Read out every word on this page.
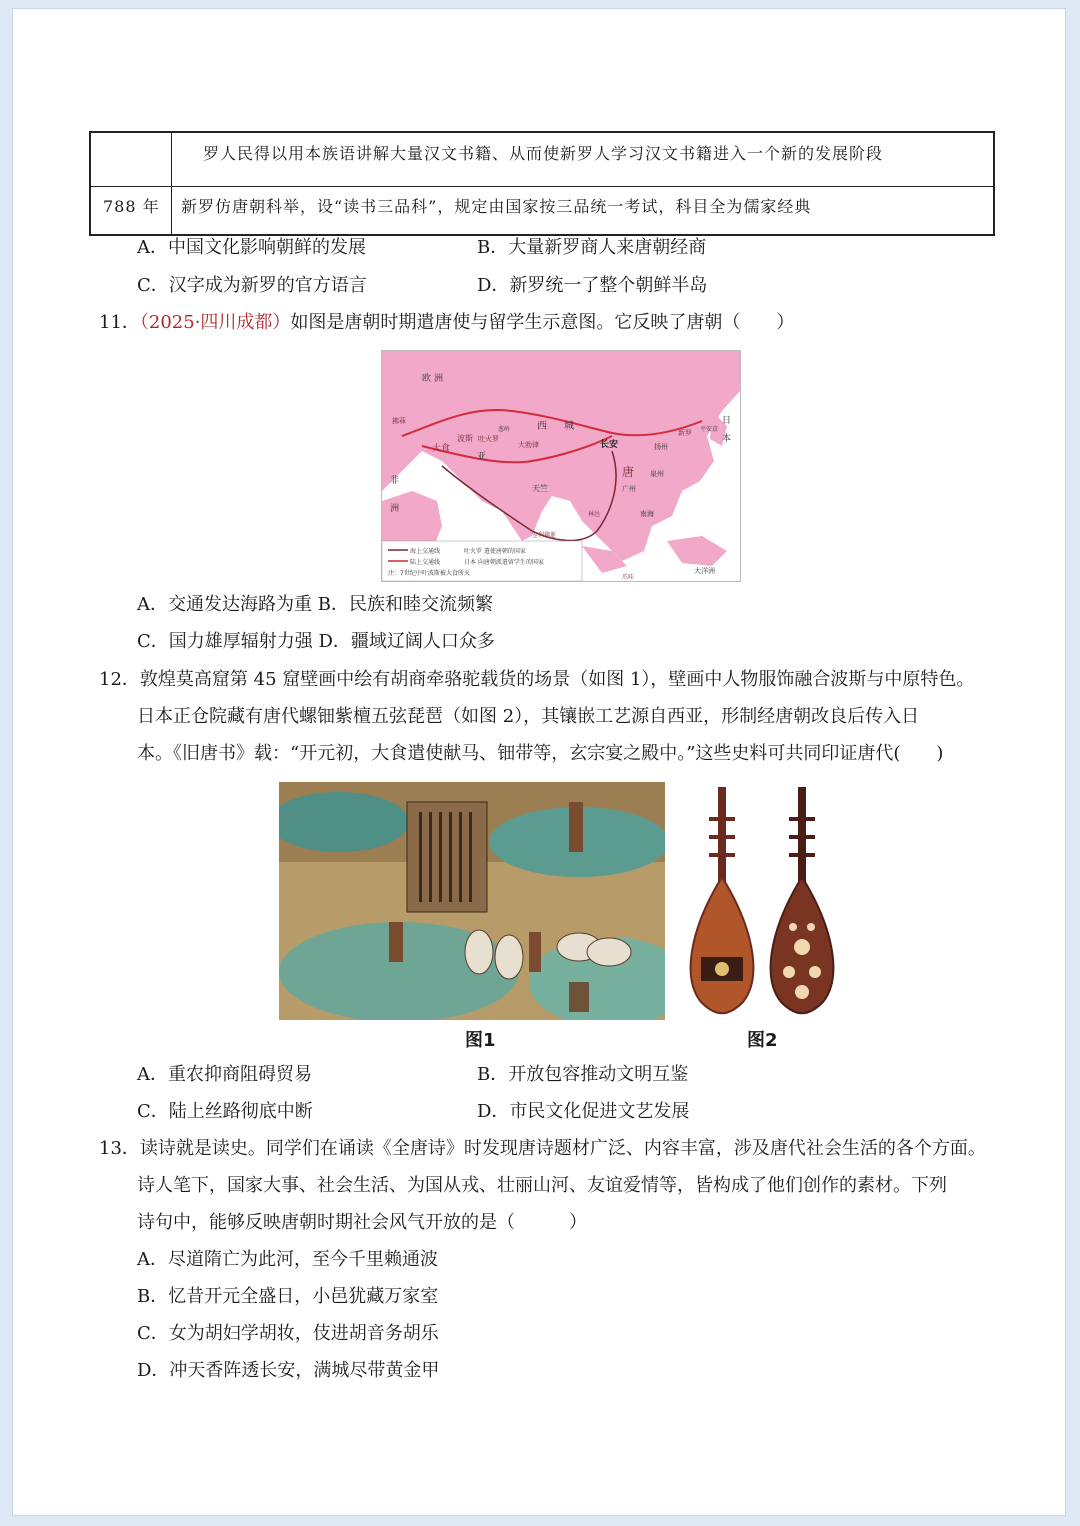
罗人民得以用本族语讲解大量汉文书籍、从而使新罗人学习汉文书籍进入一个新的发展阶段
788 年 新罗仿唐朝科举，设“读书三品科”，规定由国家按三品统一考试，科目全为儒家经典
A．中国文化影响朝鲜的发展	B．大量新罗商人来唐朝经商
C．汉字成为新罗的官方语言	D．新罗统一了整个朝鲜半岛
11．（2025·四川成都）如图是唐朝时期遣唐使与留学生示意图。它反映了唐朝（　　）
海上交通线
陆上交通线
吐火罗 遣使唐朝的国家
日本 向唐朝派遣留学生的国家
注：7世纪中叶波斯被大食所灭
欧 洲
西 城
长安
唐
广州
泉州
扬州
日
本
平安京
新罗
天竺
南海
大洋洲
非
洲
大食
波斯 吐火罗
葱岭
大勃律
拂菻
亚
林邑
室利佛逝
爪哇
A．交通发达海路为重 B．民族和睦交流频繁
C．国力雄厚辐射力强 D．疆域辽阔人口众多
12．敦煌莫高窟第 45 窟壁画中绘有胡商牵骆驼载货的场景（如图 1），壁画中人物服饰融合波斯与中原特色。
日本正仓院藏有唐代螺钿紫檀五弦琵琶（如图 2），其镶嵌工艺源自西亚，形制经唐朝改良后传入日
本。《旧唐书》载：“开元初，大食遣使献马、钿带等，玄宗宴之殿中。”这些史料可共同印证唐代(　　)
图1	图2
A．重农抑商阻碍贸易	B．开放包容推动文明互鉴
C．陆上丝路彻底中断	D．市民文化促进文艺发展
13．读诗就是读史。同学们在诵读《全唐诗》时发现唐诗题材广泛、内容丰富，涉及唐代社会生活的各个方面。
诗人笔下，国家大事、社会生活、为国从戎、壮丽山河、友谊爱情等，皆构成了他们创作的素材。下列
诗句中，能够反映唐朝时期社会风气开放的是（　　　）
A．尽道隋亡为此河，至今千里赖通波
B．忆昔开元全盛日，小邑犹藏万家室
C．女为胡妇学胡妆，伎进胡音务胡乐
D．冲天香阵透长安，满城尽带黄金甲
